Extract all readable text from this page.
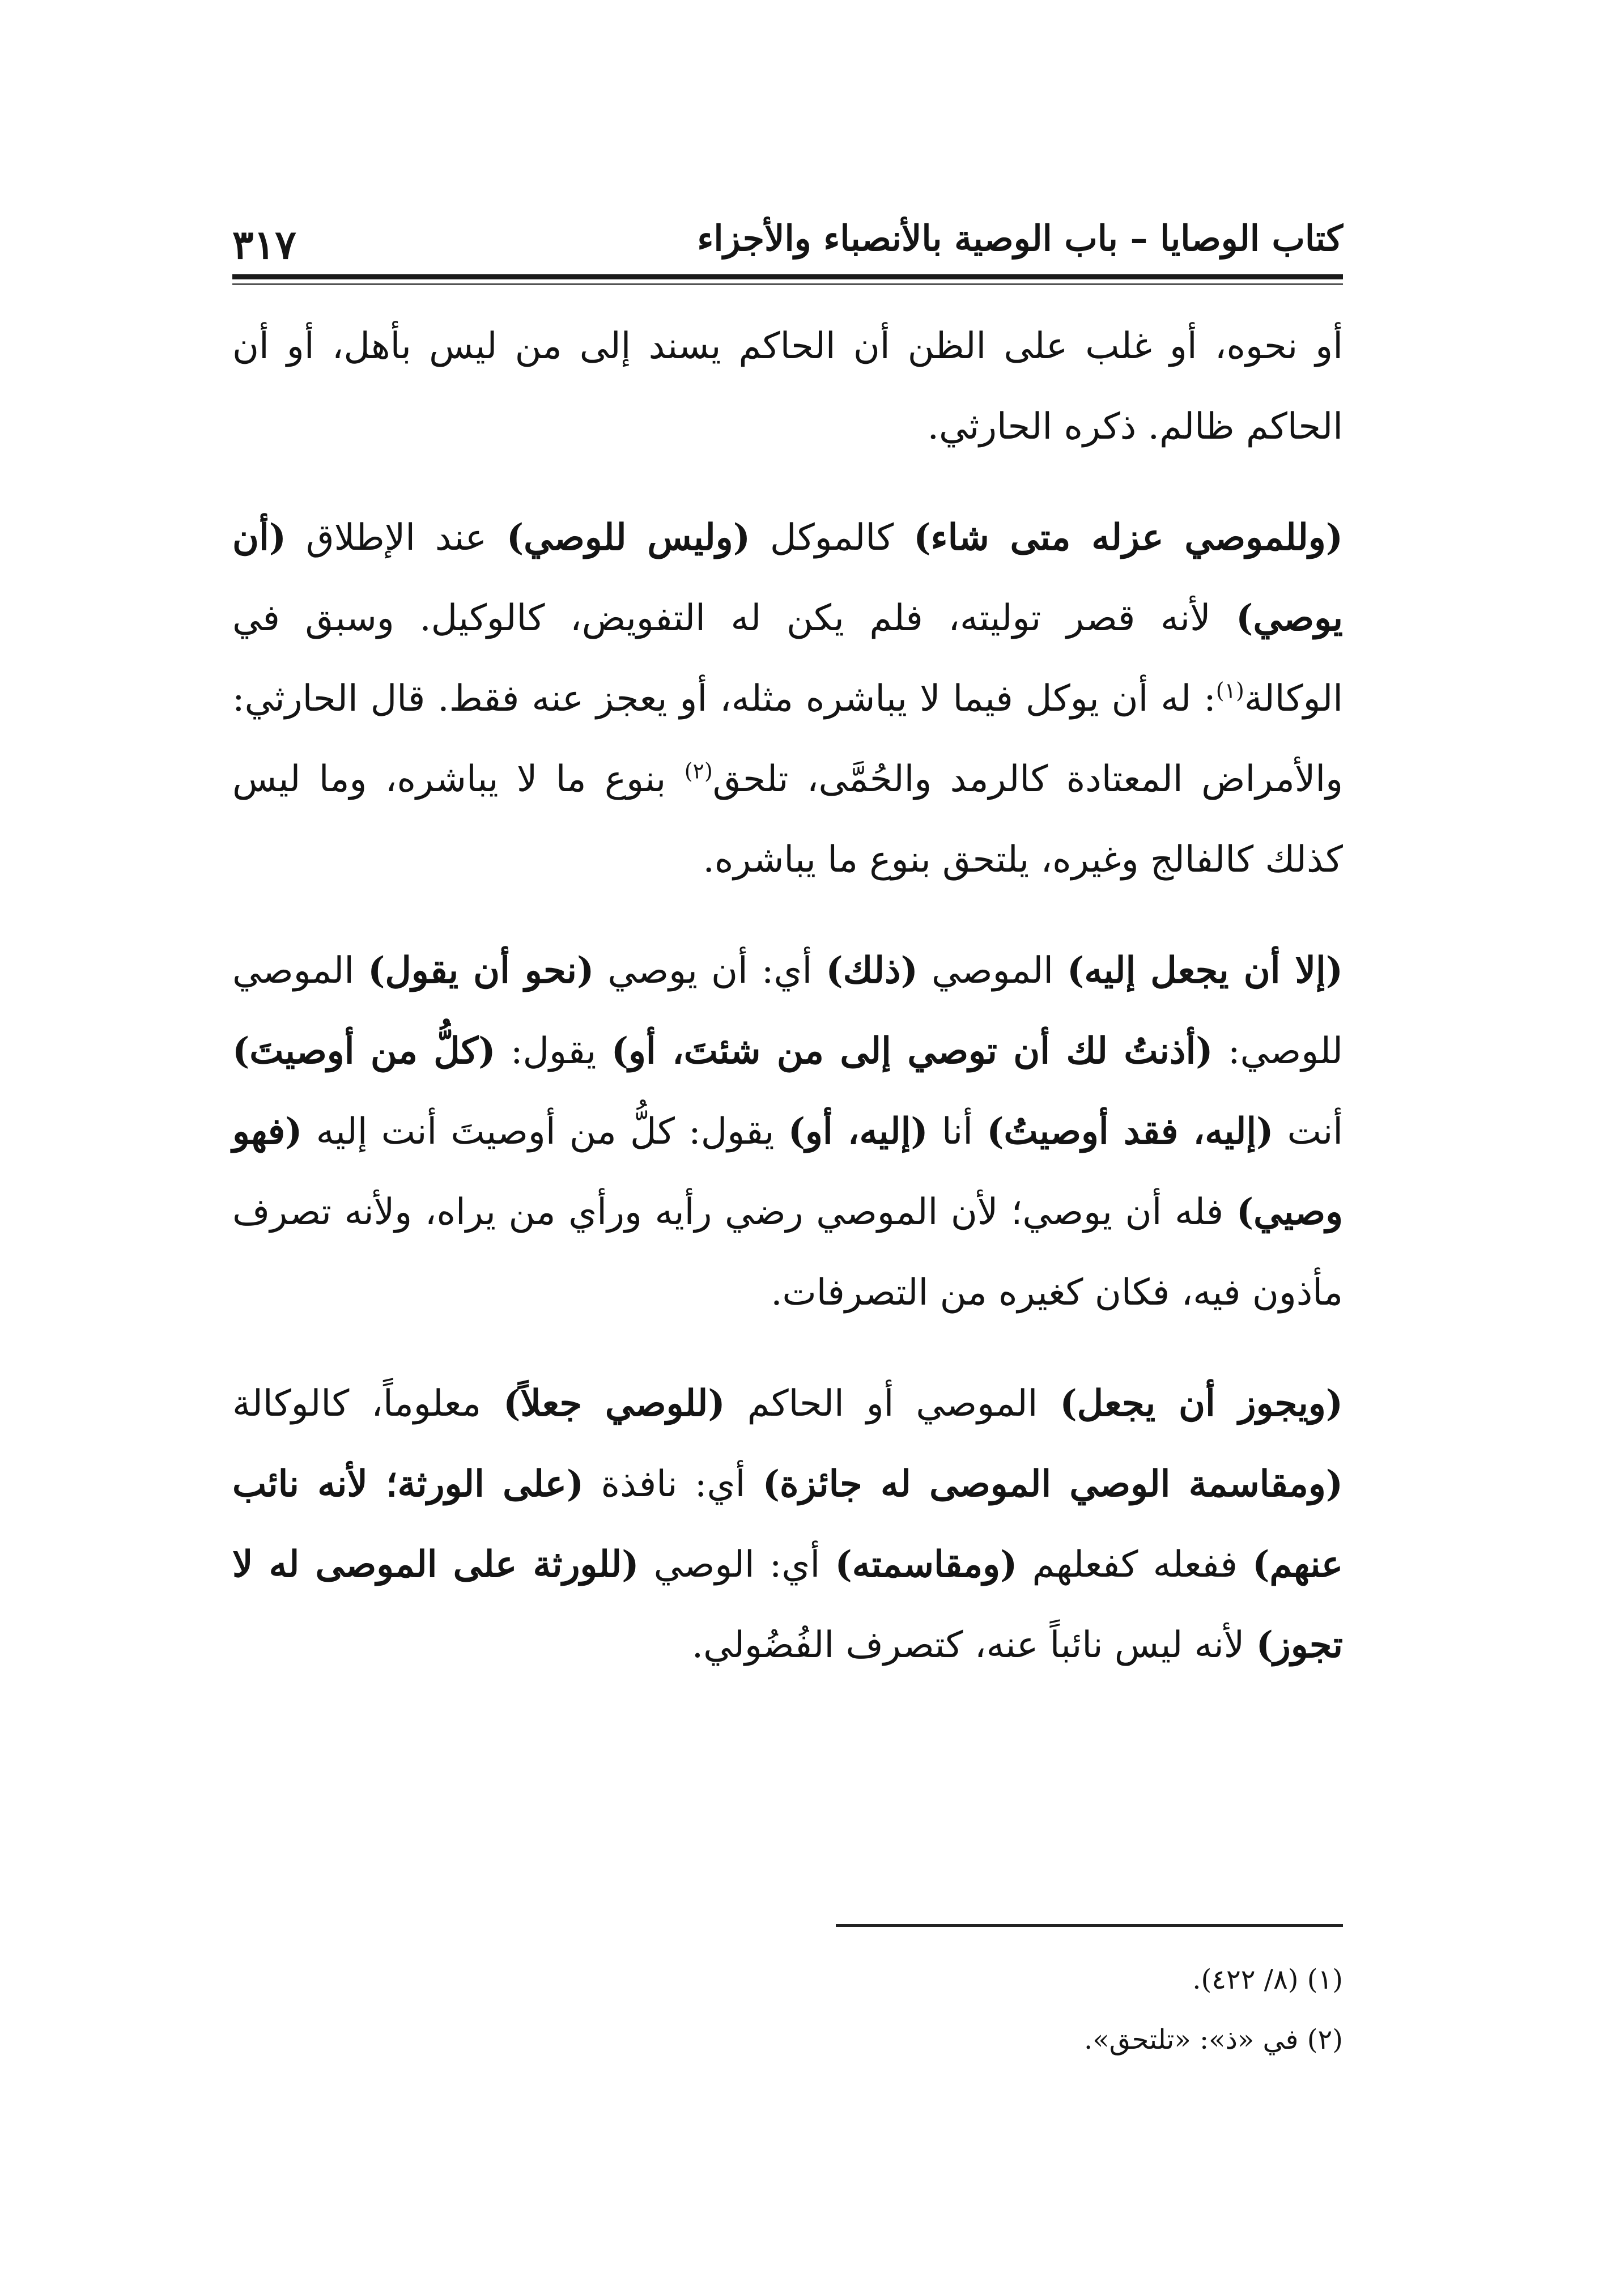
٣١٧	كتاب الوصايا – باب الوصية بالأنصباء والأجزاء

أو نحوه، أو غلب على الظن أن الحاكم يسند إلى من ليس بأهل، أو أن الحاكم ظالم. ذكره الحارثي.

(وللموصي عزله متى شاء) كالموكل (وليس للوصي) عند الإطلاق (أن يوصي) لأنه قصر توليته، فلم يكن له التفويض، كالوكيل. وسبق في الوكالة$^{(١)}$: له أن يوكل فيما لا يباشره مثله، أو يعجز عنه فقط. قال الحارثي: والأمراض المعتادة كالرمد والحُمَّى، تلحق$^{(٢)}$ بنوع ما لا يباشره، وما ليس كذلك كالفالج وغيره، يلتحق بنوع ما يباشره.

(إلا أن يجعل إليه) الموصي (ذلك) أي: أن يوصي (نحو أن يقول) الموصي للوصي: (أذنتُ لك أن توصي إلى من شئتَ، أو) يقول: (كلُّ من أوصيتَ) أنت (إليه، فقد أوصيتُ) أنا (إليه، أو) يقول: كلُّ من أوصيتَ أنت إليه (فهو وصيي) فله أن يوصي؛ لأن الموصي رضي رأيه ورأي من يراه، ولأنه تصرف مأذون فيه، فكان كغيره من التصرفات.

(ويجوز أن يجعل) الموصي أو الحاكم (للوصي جعلاً) معلوماً، كالوكالة (ومقاسمة الوصي الموصى له جائزة) أي: نافذة (على الورثة؛ لأنه نائب عنهم) ففعله كفعلهم (ومقاسمته) أي: الوصي (للورثة على الموصى له لا تجوز) لأنه ليس نائباً عنه، كتصرف الفُضُولي.

(١) (٨/ ٤٢٢).

(٢) في «ذ»: «تلتحق».
